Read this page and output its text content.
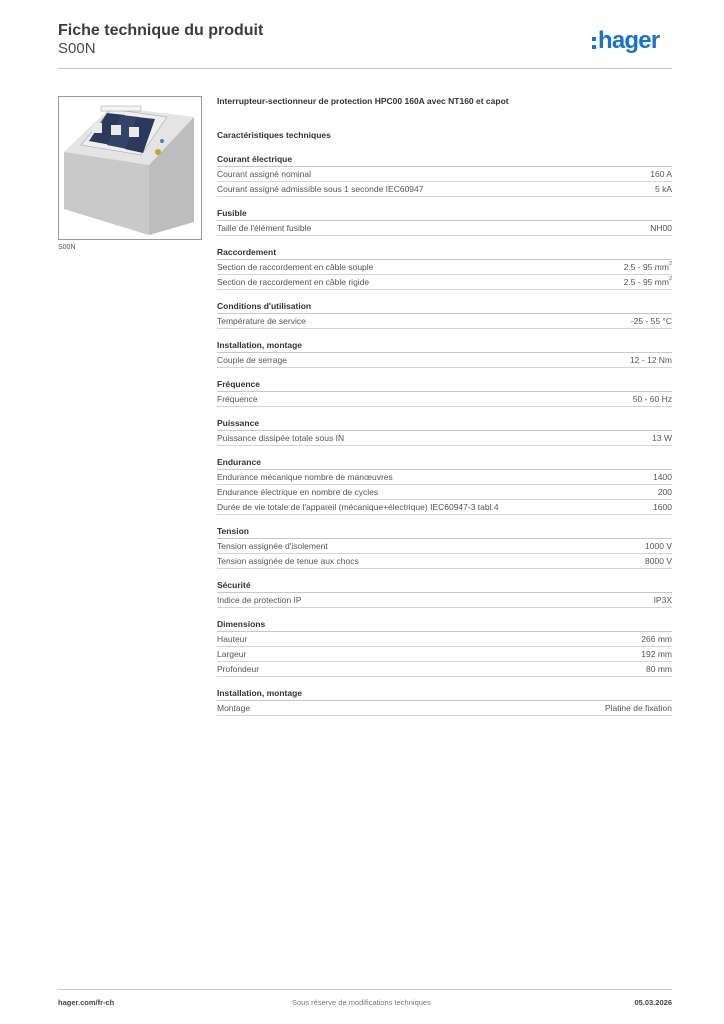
Fiche technique du produit
S00N	hager
S00N
Interrupteur-sectionneur de protection HPC00 160A avec NT160 et capot
Caractéristiques techniques
Courant électrique
Courant assigné nominal	160 A
Courant assigné admissible sous 1 seconde IEC60947	5 kA
Fusible
Taille de l'élément fusible	NH00
Raccordement
Section de raccordement en câble souple	2.5 - 95 $mm^2$
Section de raccordement en câble rigide	2.5 - 95 $mm^2$
Conditions d'utilisation
Température de service	-25 - 55 °C
Installation, montage
Couple de serrage	12 - 12 Nm
Fréquence
Fréquence	50 - 60 Hz
Puissance
Puissance dissipée totale sous IN	13 W
Endurance
Endurance mécanique nombre de manœuvres	1400
Endurance électrique en nombre de cycles	200
Durée de vie totale de l'appareil (mécanique+électrique) IEC60947-3 tabl.4	1600
Tension
Tension assignée d'isolement	1000 V
Tension assignée de tenue aux chocs	8000 V
Sécurité
Indice de protection IP	IP3X
Dimensions
Hauteur	266 mm
Largeur	192 mm
Profondeur	80 mm
Installation, montage
Montage	Platine de fixation
hager.com/fr-ch	Sous réserve de modifications techniques	05.03.2026
